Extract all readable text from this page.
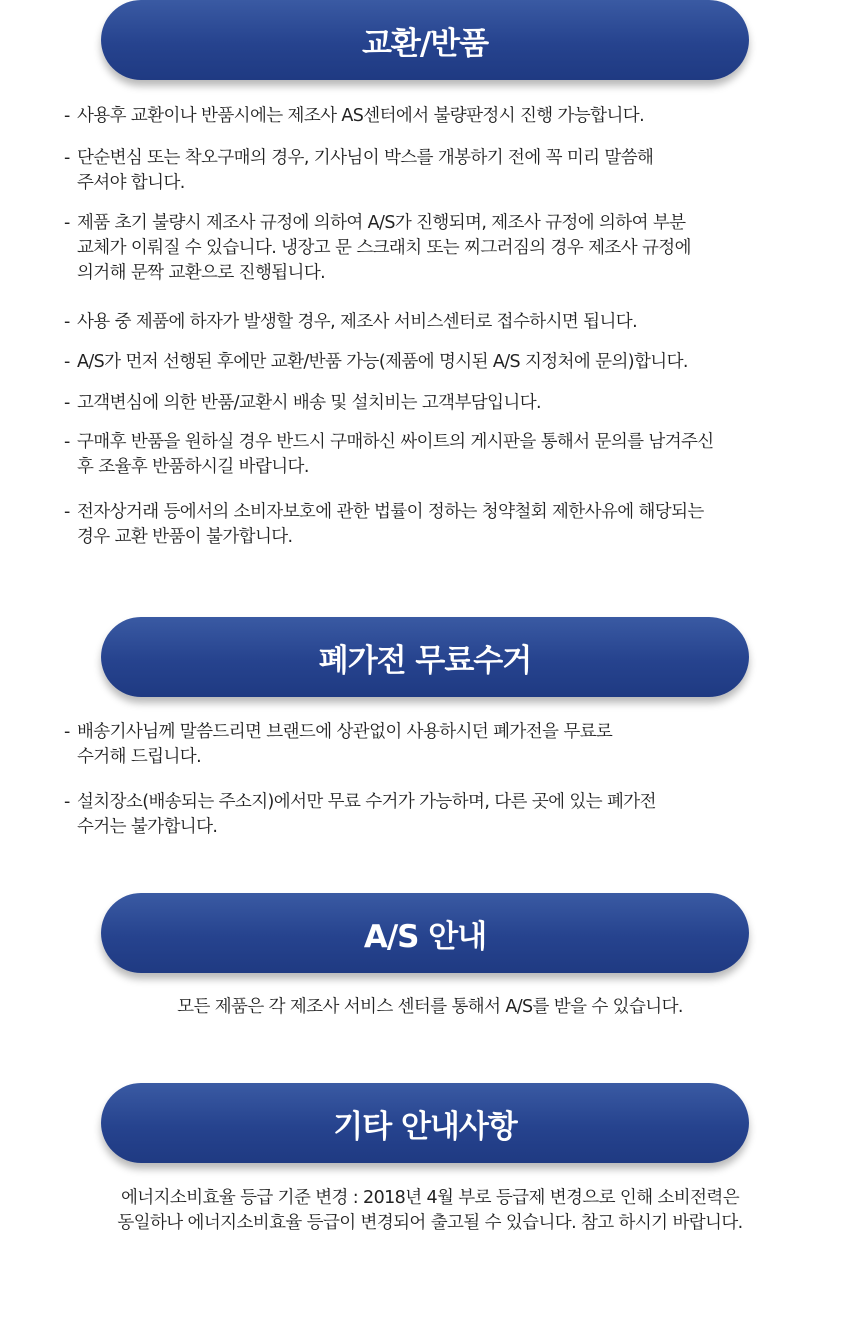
교환/반품
- 사용후 교환이나 반품시에는 제조사 AS센터에서 불량판정시 진행 가능합니다.
- 단순변심 또는 착오구매의 경우, 기사님이 박스를 개봉하기 전에 꼭 미리 말씀해
주셔야 합니다.
- 제품 초기 불량시 제조사 규정에 의하여 A/S가 진행되며, 제조사 규정에 의하여 부분
교체가 이뤄질 수 있습니다. 냉장고 문 스크래치 또는 찌그러짐의 경우 제조사 규정에
의거해 문짝 교환으로 진행됩니다.
- 사용 중 제품에 하자가 발생할 경우, 제조사 서비스센터로 접수하시면 됩니다.
- A/S가 먼저 선행된 후에만 교환/반품 가능(제품에 명시된 A/S 지정처에 문의)합니다.
- 고객변심에 의한 반품/교환시 배송 및 설치비는 고객부담입니다.
- 구매후 반품을 원하실 경우 반드시 구매하신 싸이트의 게시판을 통해서 문의를 남겨주신
후 조율후 반품하시길 바랍니다.
- 전자상거래 등에서의 소비자보호에 관한 법률이 정하는 청약철회 제한사유에 해당되는
경우 교환 반품이 불가합니다.
폐가전 무료수거
- 배송기사님께 말씀드리면 브랜드에 상관없이 사용하시던 폐가전을 무료로
수거해 드립니다.
- 설치장소(배송되는 주소지)에서만 무료 수거가 가능하며, 다른 곳에 있는 폐가전
수거는 불가합니다.
A/S 안내

모든 제품은 각 제조사 서비스 센터를 통해서 A/S를 받을 수 있습니다.

기타 안내사항

에너지소비효율 등급 기준 변경 : 2018년 4월 부로 등급제 변경으로 인해 소비전력은
동일하나 에너지소비효율 등급이 변경되어 출고될 수 있습니다. 참고 하시기 바랍니다.
